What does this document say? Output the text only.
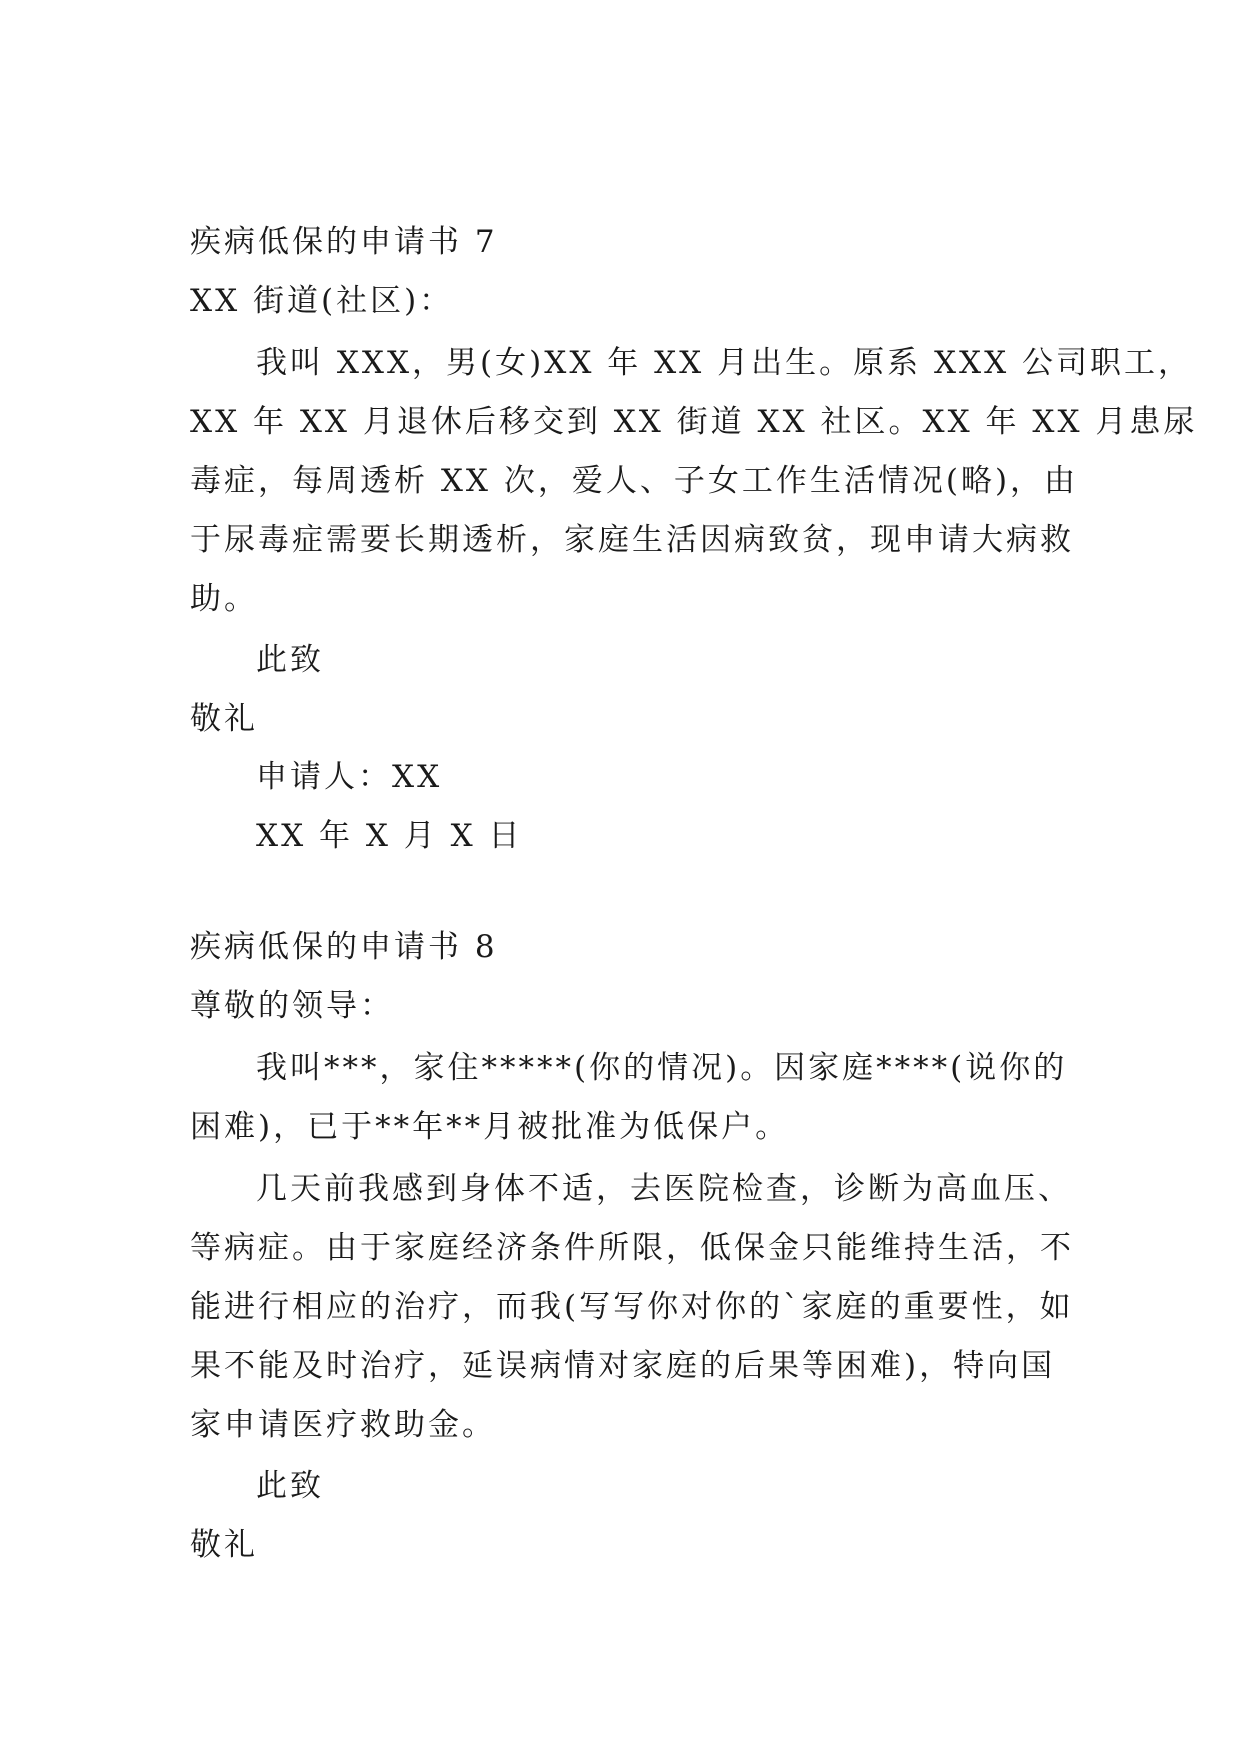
疾病低保的申请书 7
XX 街道(社区)：
我叫 XXX，男(女)XX 年 XX 月出生。原系 XXX 公司职工，
XX 年 XX 月退休后移交到 XX 街道 XX 社区。XX 年 XX 月患尿
毒症，每周透析 XX 次，爱人、子女工作生活情况(略)，由
于尿毒症需要长期透析，家庭生活因病致贫，现申请大病救
助。
此致
敬礼
申请人：XX
XX 年 X 月 X 日
疾病低保的申请书 8
尊敬的领导：
我叫***，家住*****(你的情况)。因家庭****(说你的
困难)，已于**年**月被批准为低保户。
几天前我感到身体不适，去医院检查，诊断为高血压、
等病症。由于家庭经济条件所限，低保金只能维持生活，不
能进行相应的治疗，而我(写写你对你的`家庭的重要性，如
果不能及时治疗，延误病情对家庭的后果等困难)，特向国
家申请医疗救助金。
此致
敬礼
